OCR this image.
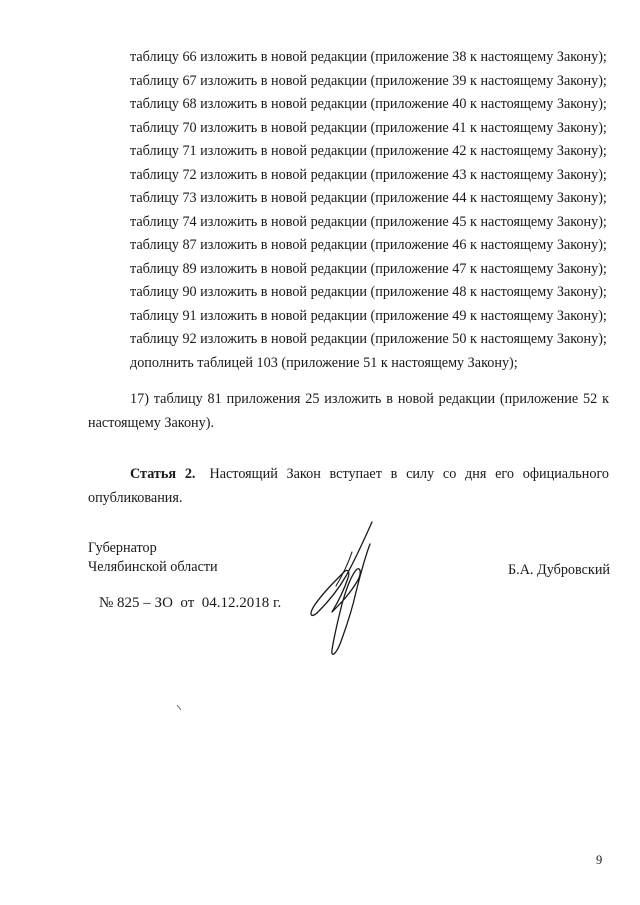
таблицу 66 изложить в новой редакции (приложение 38 к настоящему Закону);
таблицу 67 изложить в новой редакции (приложение 39 к настоящему Закону);
таблицу 68 изложить в новой редакции (приложение 40 к настоящему Закону);
таблицу 70 изложить в новой редакции (приложение 41 к настоящему Закону);
таблицу 71 изложить в новой редакции (приложение 42 к настоящему Закону);
таблицу 72 изложить в новой редакции (приложение 43 к настоящему Закону);
таблицу 73 изложить в новой редакции (приложение 44 к настоящему Закону);
таблицу 74 изложить в новой редакции (приложение 45 к настоящему Закону);
таблицу 87 изложить в новой редакции (приложение 46 к настоящему Закону);
таблицу 89 изложить в новой редакции (приложение 47 к настоящему Закону);
таблицу 90 изложить в новой редакции (приложение 48 к настоящему Закону);
таблицу 91 изложить в новой редакции (приложение 49 к настоящему Закону);
таблицу 92 изложить в новой редакции (приложение 50 к настоящему Закону);
дополнить таблицей 103 (приложение 51 к настоящему Закону);

17) таблицу 81 приложения 25 изложить в новой редакции (приложение 52 к настоящему Закону).

Статья 2. Настоящий Закон вступает в силу со дня его официального опубликования.

Губернатор
Челябинской области	Б.А. Дубровский
№ 825 – ЗО  от  04.12.2018 г.
9
